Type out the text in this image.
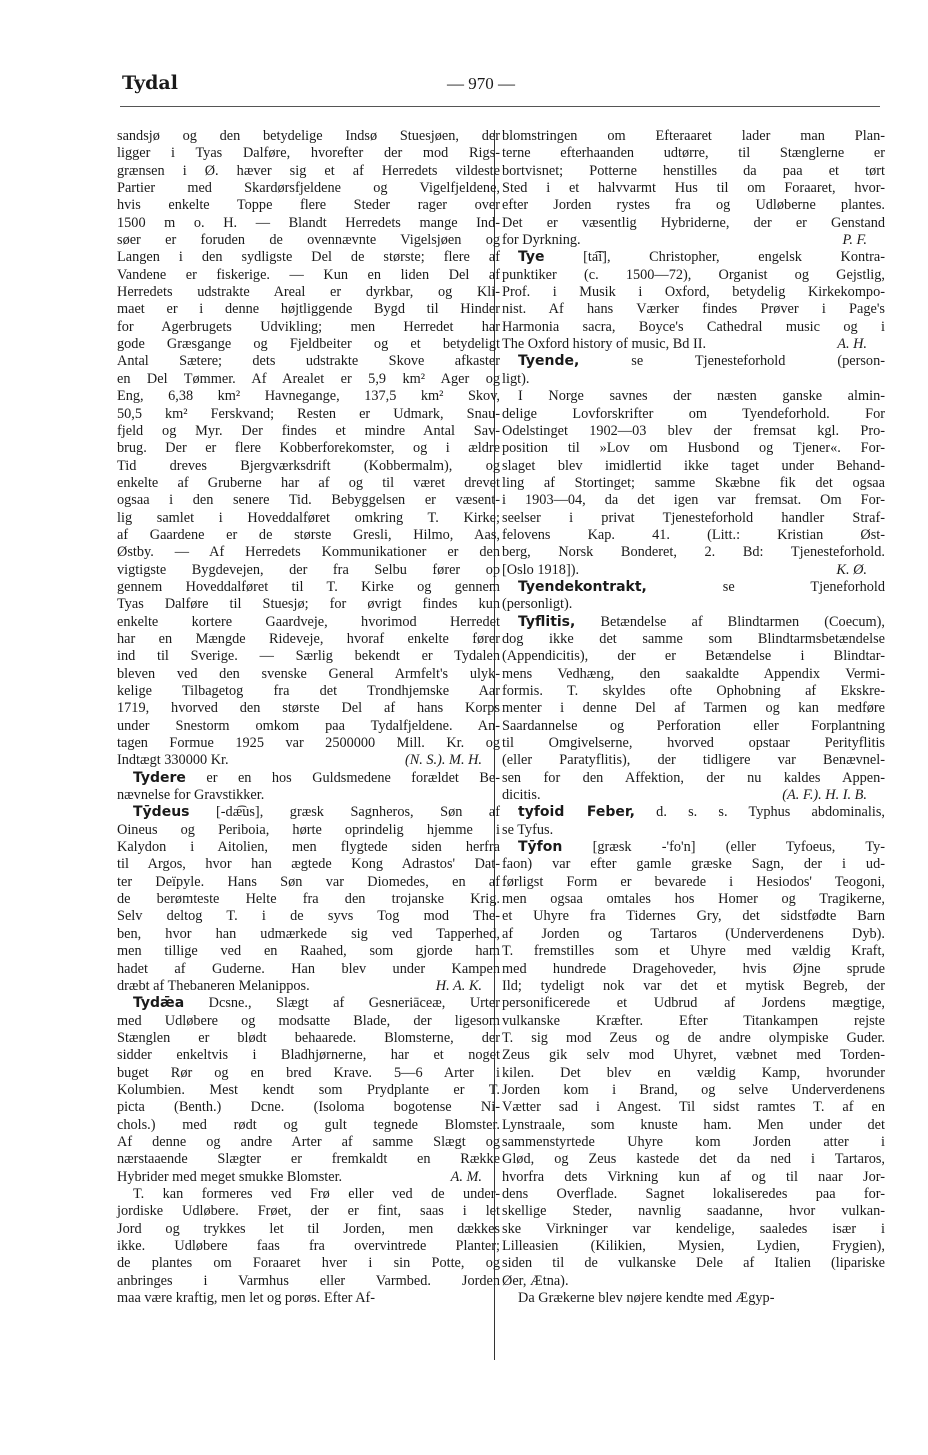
Tydal	— 970 —
sandsjø og den betydelige Indsø Stuesjøen, der
ligger i Tyas Dalføre, hvorefter der mod Rigs-
grænsen i Ø. hæver sig et af Herredets vildeste
Partier med Skardørsfjeldene og Vigelfjeldene,
hvis enkelte Toppe flere Steder rager over
1500 m o. H. — Blandt Herredets mange Ind-
søer er foruden de ovennævnte Vigelsjøen og
Langen i den sydligste Del de største; flere af
Vandene er fiskerige. — Kun en liden Del af
Herredets udstrakte Areal er dyrkbar, og Kli-
maet er i denne højtliggende Bygd til Hinder
for Agerbrugets Udvikling; men Herredet har
gode Græsgange og Fjeldbeiter og et betydeligt
Antal Sætere; dets udstrakte Skove afkaster
en Del Tømmer. Af Arealet er 5,9 km² Ager og
Eng, 6,38 km² Havnegange, 137,5 km² Skov,
50,5 km² Ferskvand; Resten er Udmark, Snau-
fjeld og Myr. Der findes et mindre Antal Sav-
brug. Der er flere Kobberforekomster, og i ældre
Tid dreves Bjergværksdrift (Kobbermalm), og
enkelte af Gruberne har af og til været drevet
ogsaa i den senere Tid. Bebyggelsen er væsent-
lig samlet i Hoveddalføret omkring T. Kirke;
af Gaardene er de største Gresli, Hilmo, Aas,
Østby. — Af Herredets Kommunikationer er den
vigtigste Bygdevejen, der fra Selbu fører op
gennem Hoveddalføret til T. Kirke og gennem
Tyas Dalføre til Stuesjø; for øvrigt findes kun
enkelte kortere Gaardveje, hvorimod Herredet
har en Mængde Rideveje, hvoraf enkelte fører
ind til Sverige. — Særlig bekendt er Tydalen
bleven ved den svenske General Armfelt's ulyk-
kelige Tilbagetog fra det Trondhjemske Aar
1719, hvorved den største Del af hans Korps
under Snestorm omkom paa Tydalfjeldene. An-
tagen Formue 1925 var 2500000 Mill. Kr. og
Indtægt 330000 Kr.	(N. S.). M. H.
Tydere er en hos Guldsmedene forældet Be-
nævnelse for Gravstikker.
Tȳdeus [-dæ͡us], græsk Sagnheros, Søn af
Oineus og Periboia, hørte oprindelig hjemme i
Kalydon i Aitolien, men flygtede siden herfra
til Argos, hvor han ægtede Kong Adrastos' Dat-
ter Deïpyle. Hans Søn var Diomedes, en af
de berømteste Helte fra den trojanske Krig.
Selv deltog T. i de syvs Tog mod The-
ben, hvor han udmærkede sig ved Tapperhed,
men tillige ved en Raahed, som gjorde ham
hadet af Guderne. Han blev under Kampen
dræbt af Thebaneren Melanippos.	H. A. K.
Tydǣa Dcsne., Slægt af Gesneriāceæ, Urter
med Udløbere og modsatte Blade, der ligesom
Stænglen er blødt behaarede. Blomsterne, der
sidder enkeltvis i Bladhjørnerne, har et noget
buget Rør og en bred Krave. 5—6 Arter i
Kolumbien. Mest kendt som Prydplante er T.
picta (Benth.) Dcne. (Isoloma bogotense Ni-
chols.) med rødt og gult tegnede Blomster.
Af denne og andre Arter af samme Slægt og
nærstaaende Slægter er fremkaldt en Række
Hybrider med meget smukke Blomster.	A. M.
T. kan formeres ved Frø eller ved de under-
jordiske Udløbere. Frøet, der er fint, saas i let
Jord og trykkes let til Jorden, men dækkes
ikke. Udløbere faas fra overvintrede Planter;
de plantes om Foraaret hver i sin Potte, og
anbringes i Varmhus eller Varmbed. Jorden
maa være kraftig, men let og porøs. Efter Af-
blomstringen om Efteraaret lader man Plan-
terne efterhaanden udtørre, til Stænglerne er
bortvisnet; Potterne henstilles da paa et tørt
Sted i et halvvarmt Hus til om Foraaret, hvor-
efter Jorden rystes fra og Udløberne plantes.
Det er væsentlig Hybriderne, der er Genstand
for Dyrkning.	P. F.
Tye [ta͡i], Christopher, engelsk Kontra-
punktiker (c. 1500—72), Organist og Gejstlig,
Prof. i Musik i Oxford, betydelig Kirkekompo-
nist. Af hans Værker findes Prøver i Page's
Harmonia sacra, Boyce's Cathedral music og i
The Oxford history of music, Bd II.	A. H.
Tyende, se Tjenesteforhold (person-
ligt).
I Norge savnes der næsten ganske almin-
delige Lovforskrifter om Tyendeforhold. For
Odelstinget 1902—03 blev der fremsat kgl. Pro-
position til »Lov om Husbond og Tjener«. For-
slaget blev imidlertid ikke taget under Behand-
ling af Stortinget; samme Skæbne fik det ogsaa
i 1903—04, da det igen var fremsat. Om For-
seelser i privat Tjenesteforhold handler Straf-
felovens Kap. 41. (Litt.: Kristian Øst-
berg, Norsk Bonderet, 2. Bd: Tjenesteforhold.
[Oslo 1918]).	K. Ø.
Tyendekontrakt, se Tjeneforhold
(personligt).
Tyflitis, Betændelse af Blindtarmen (Coecum),
dog ikke det samme som Blindtarmsbetændelse
(Appendicitis), der er Betændelse i Blindtar-
mens Vedhæng, den saakaldte Appendix Vermi-
formis. T. skyldes ofte Ophobning af Ekskre-
menter i denne Del af Tarmen og kan medføre
Saardannelse og Perforation eller Forplantning
til Omgivelserne, hvorved opstaar Perityflitis
(eller Paratyflitis), der tidligere var Benævnel-
sen for den Affektion, der nu kaldes Appen-
dicitis.	(A. F.). H. I. B.
tyfoid Feber, d. s. s. Typhus abdominalis,
se Tyfus.
Tȳfon [græsk -'fo'n] (eller Tyfoeus, Ty-
faon) var efter gamle græske Sagn, der i ud-
førligst Form er bevarede i Hesiodos' Teogoni,
men ogsaa omtales hos Homer og Tragikerne,
et Uhyre fra Tidernes Gry, det sidstfødte Barn
af Jorden og Tartaros (Underverdenens Dyb).
T. fremstilles som et Uhyre med vældig Kraft,
med hundrede Dragehoveder, hvis Øjne sprude
Ild; tydeligt nok var det et mytisk Begreb, der
personificerede et Udbrud af Jordens mægtige,
vulkanske Kræfter. Efter Titankampen rejste
T. sig mod Zeus og de andre olympiske Guder.
Zeus gik selv mod Uhyret, væbnet med Torden-
kilen. Det blev en vældig Kamp, hvorunder
Jorden kom i Brand, og selve Underverdenens
Vætter sad i Angest. Til sidst ramtes T. af en
Lynstraale, som knuste ham. Men under det
sammenstyrtede Uhyre kom Jorden atter i
Glød, og Zeus kastede det da ned i Tartaros,
hvorfra dets Virkning kun af og til naar Jor-
dens Overflade. Sagnet lokaliseredes paa for-
skellige Steder, navnlig saadanne, hvor vulkan-
ske Virkninger var kendelige, saaledes især i
Lilleasien (Kilikien, Mysien, Lydien, Frygien),
siden til de vulkanske Dele af Italien (lipariske
Øer, Ætna).
Da Grækerne blev nøjere kendte med Ægyp-
